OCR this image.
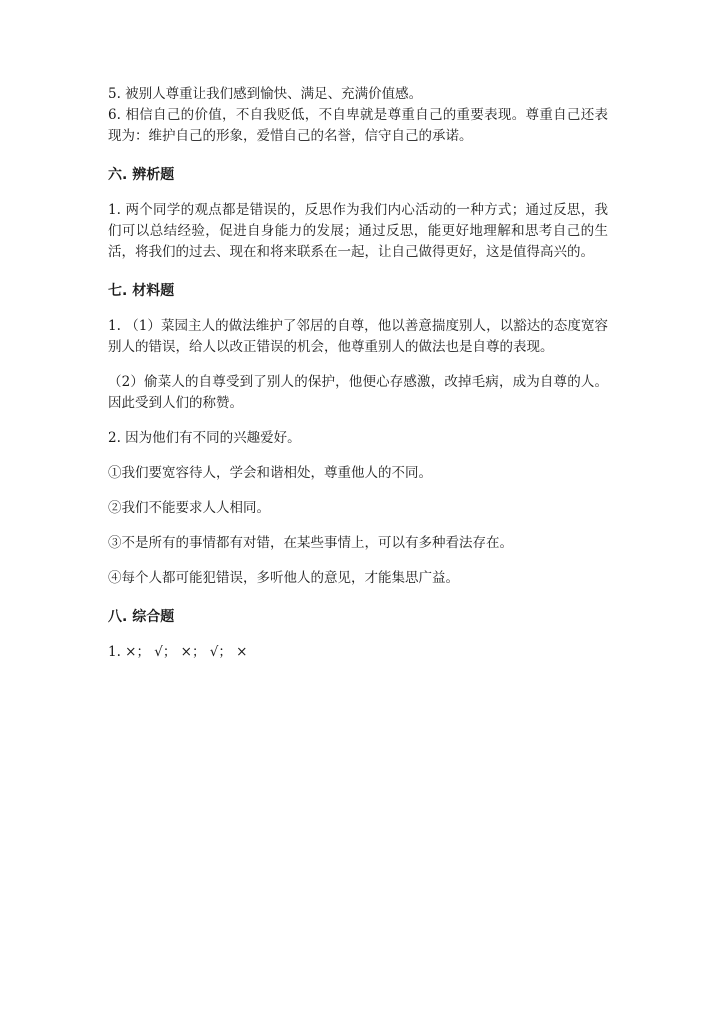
5. 被别人尊重让我们感到愉快、满足、充满价值感。

6. 相信自己的价值，不自我贬低，不自卑就是尊重自己的重要表现。尊重自己还表现为：维护自己的形象，爱惜自己的名誉，信守自己的承诺。

六. 辨析题

1. 两个同学的观点都是错误的，反思作为我们内心活动的一种方式；通过反思，我们可以总结经验，促进自身能力的发展；通过反思，能更好地理解和思考自己的生活，将我们的过去、现在和将来联系在一起，让自己做得更好，这是值得高兴的。

七. 材料题

1. （1）菜园主人的做法维护了邻居的自尊，他以善意揣度别人，以豁达的态度宽容别人的错误，给人以改正错误的机会，他尊重别人的做法也是自尊的表现。

（2）偷菜人的自尊受到了别人的保护，他便心存感激，改掉毛病，成为自尊的人。因此受到人们的称赞。

2. 因为他们有不同的兴趣爱好。

①我们要宽容待人，学会和谐相处，尊重他人的不同。

②我们不能要求人人相同。

③不是所有的事情都有对错，在某些事情上，可以有多种看法存在。

④每个人都可能犯错误，多听他人的意见，才能集思广益。

八. 综合题

1. ×； √； ×； √； ×
